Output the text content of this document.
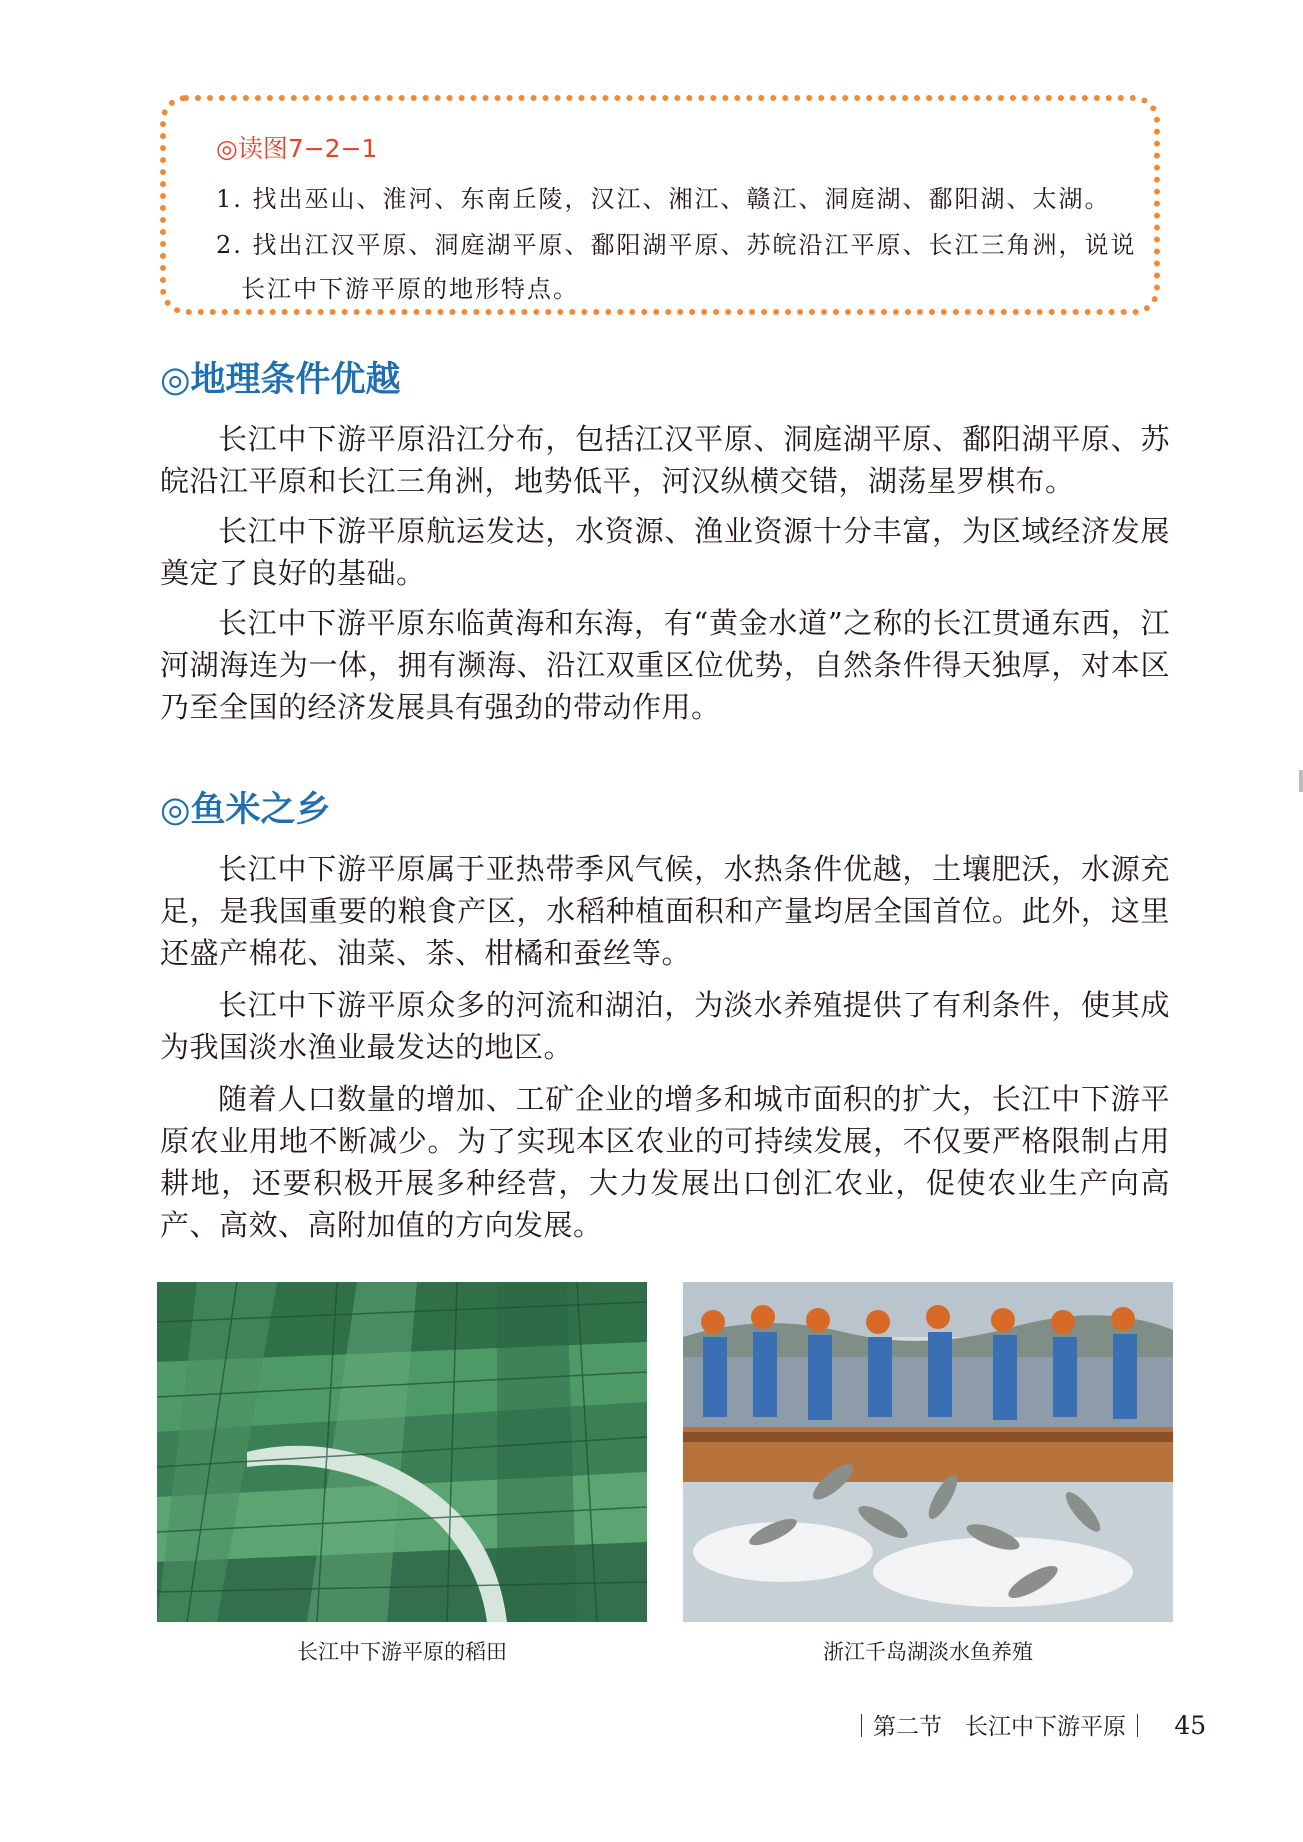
◎读图7−2−1
1. 找出巫山、淮河、东南丘陵，汉江、湘江、赣江、洞庭湖、鄱阳湖、太湖。
2. 找出江汉平原、洞庭湖平原、鄱阳湖平原、苏皖沿江平原、长江三角洲，说说
长江中下游平原的地形特点。
◎地理条件优越

长江中下游平原沿江分布，包括江汉平原、洞庭湖平原、鄱阳湖平原、苏皖沿江平原和长江三角洲，地势低平，河汉纵横交错，湖荡星罗棋布。

长江中下游平原航运发达，水资源、渔业资源十分丰富，为区域经济发展奠定了良好的基础。

长江中下游平原东临黄海和东海，有“黄金水道”之称的长江贯通东西，江河湖海连为一体，拥有濒海、沿江双重区位优势，自然条件得天独厚，对本区乃至全国的经济发展具有强劲的带动作用。

◎鱼米之乡

长江中下游平原属于亚热带季风气候，水热条件优越，土壤肥沃，水源充足，是我国重要的粮食产区，水稻种植面积和产量均居全国首位。此外，这里还盛产棉花、油菜、茶、柑橘和蚕丝等。

长江中下游平原众多的河流和湖泊，为淡水养殖提供了有利条件，使其成为我国淡水渔业最发达的地区。

随着人口数量的增加、工矿企业的增多和城市面积的扩大，长江中下游平原农业用地不断减少。为了实现本区农业的可持续发展，不仅要严格限制占用耕地，还要积极开展多种经营，大力发展出口创汇农业，促使农业生产向高产、高效、高附加值的方向发展。

长江中下游平原的稻田	浙江千岛湖淡水鱼养殖
｜第二节　长江中下游平原｜ 45
